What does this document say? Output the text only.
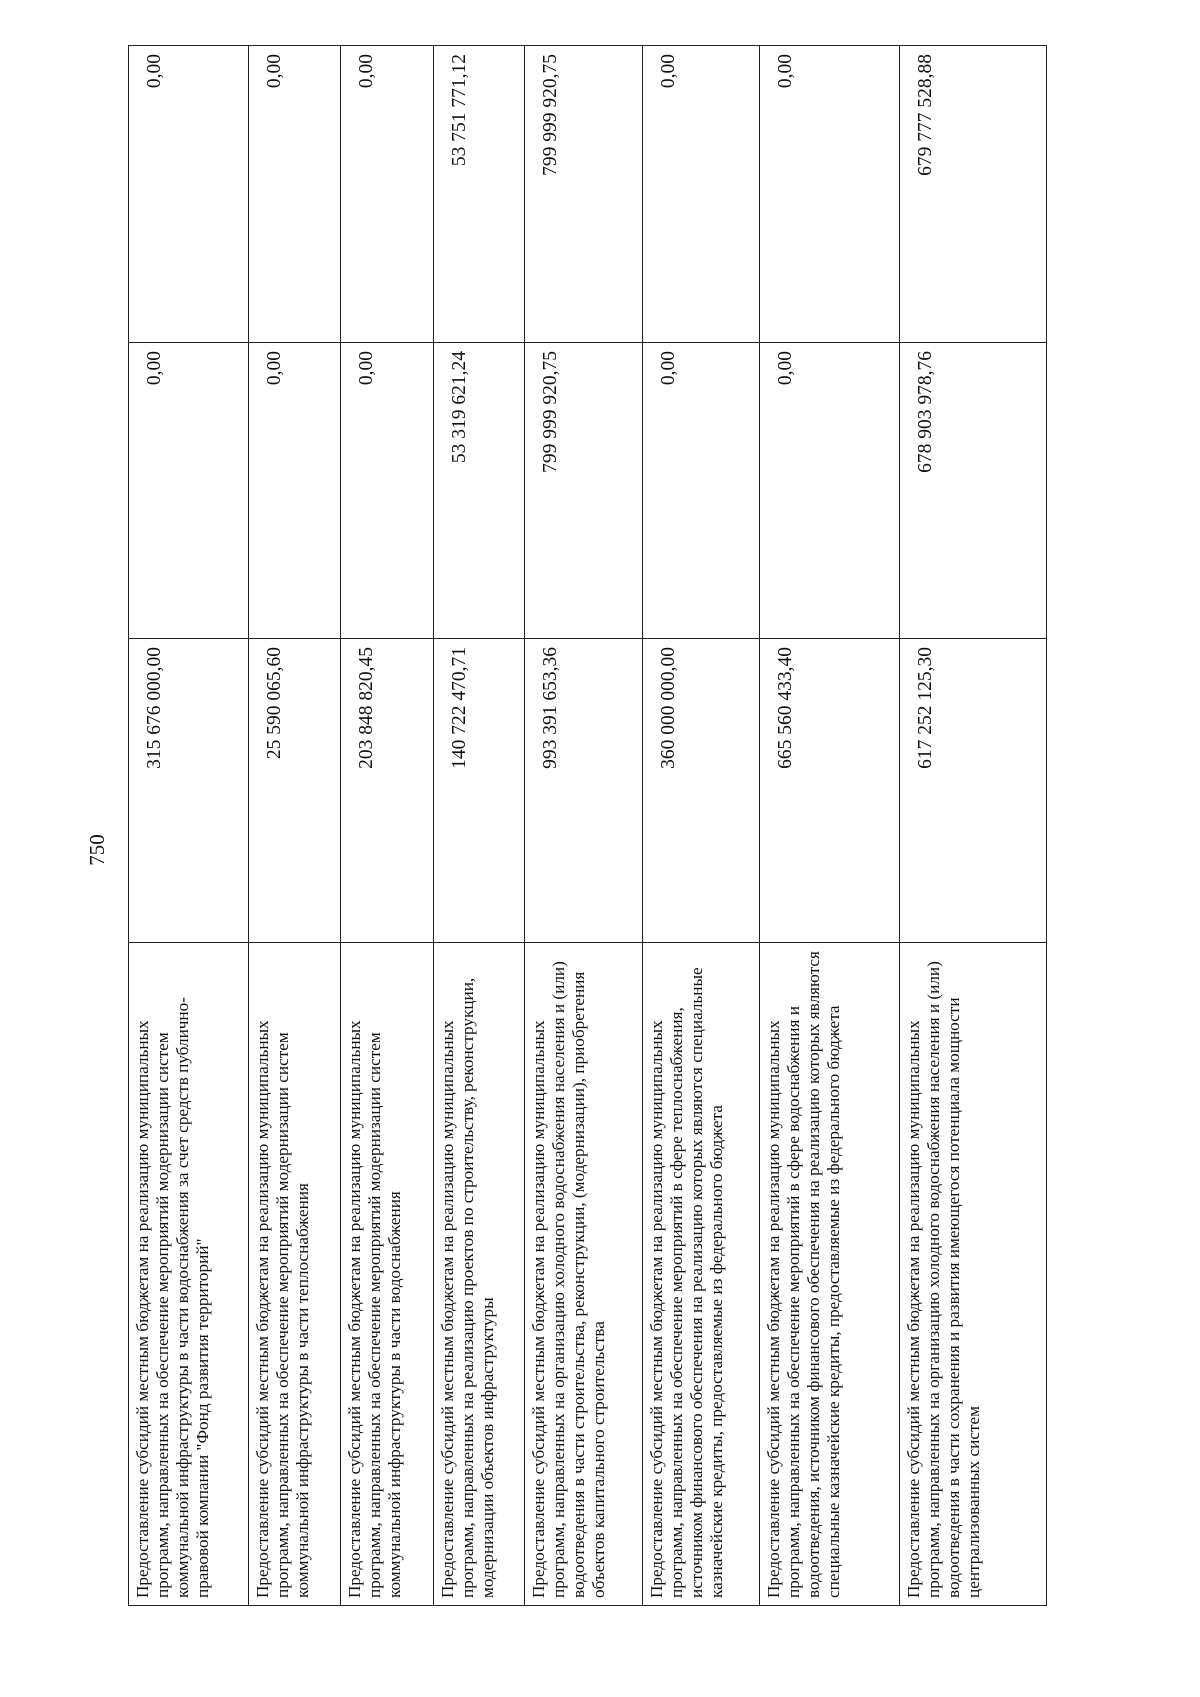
750
Предоставление субсидий местным бюджетам на реализацию муниципальных программ, направленных на обеспечение мероприятий модернизации систем коммунальной инфраструктуры в части водоснабжения за счет средств публично-правовой компании "Фонд развития территорий"	315 676 000,00	0,00	0,00
Предоставление субсидий местным бюджетам на реализацию муниципальных программ, направленных на обеспечение мероприятий модернизации систем коммунальной инфраструктуры в части теплоснабжения	25 590 065,60	0,00	0,00
Предоставление субсидий местным бюджетам на реализацию муниципальных программ, направленных на обеспечение мероприятий модернизации систем коммунальной инфраструктуры в части водоснабжения	203 848 820,45	0,00	0,00
Предоставление субсидий местным бюджетам на реализацию муниципальных программ, направленных на реализацию проектов по строительству, реконструкции, модернизации объектов инфраструктуры	140 722 470,71	53 319 621,24	53 751 771,12
Предоставление субсидий местным бюджетам на реализацию муниципальных программ, направленных на организацию холодного водоснабжения населения и (или) водоотведения в части строительства, реконструкции, (модернизации), приобретения объектов капитального строительства	993 391 653,36	799 999 920,75	799 999 920,75
Предоставление субсидий местным бюджетам на реализацию муниципальных программ, направленных на обеспечение мероприятий в сфере теплоснабжения, источником финансового обеспечения на реализацию которых являются специальные казначейские кредиты, предоставляемые из федерального бюджета	360 000 000,00	0,00	0,00
Предоставление субсидий местным бюджетам на реализацию муниципальных программ, направленных на обеспечение мероприятий в сфере водоснабжения и водоотведения, источником финансового обеспечения на реализацию которых являются специальные казначейские кредиты, предоставляемые из федерального бюджета	665 560 433,40	0,00	0,00
Предоставление субсидий местным бюджетам на реализацию муниципальных программ, направленных на организацию холодного водоснабжения населения и (или) водоотведения в части сохранения и развития имеющегося потенциала мощности централизованных систем	617 252 125,30	678 903 978,76	679 777 528,88
